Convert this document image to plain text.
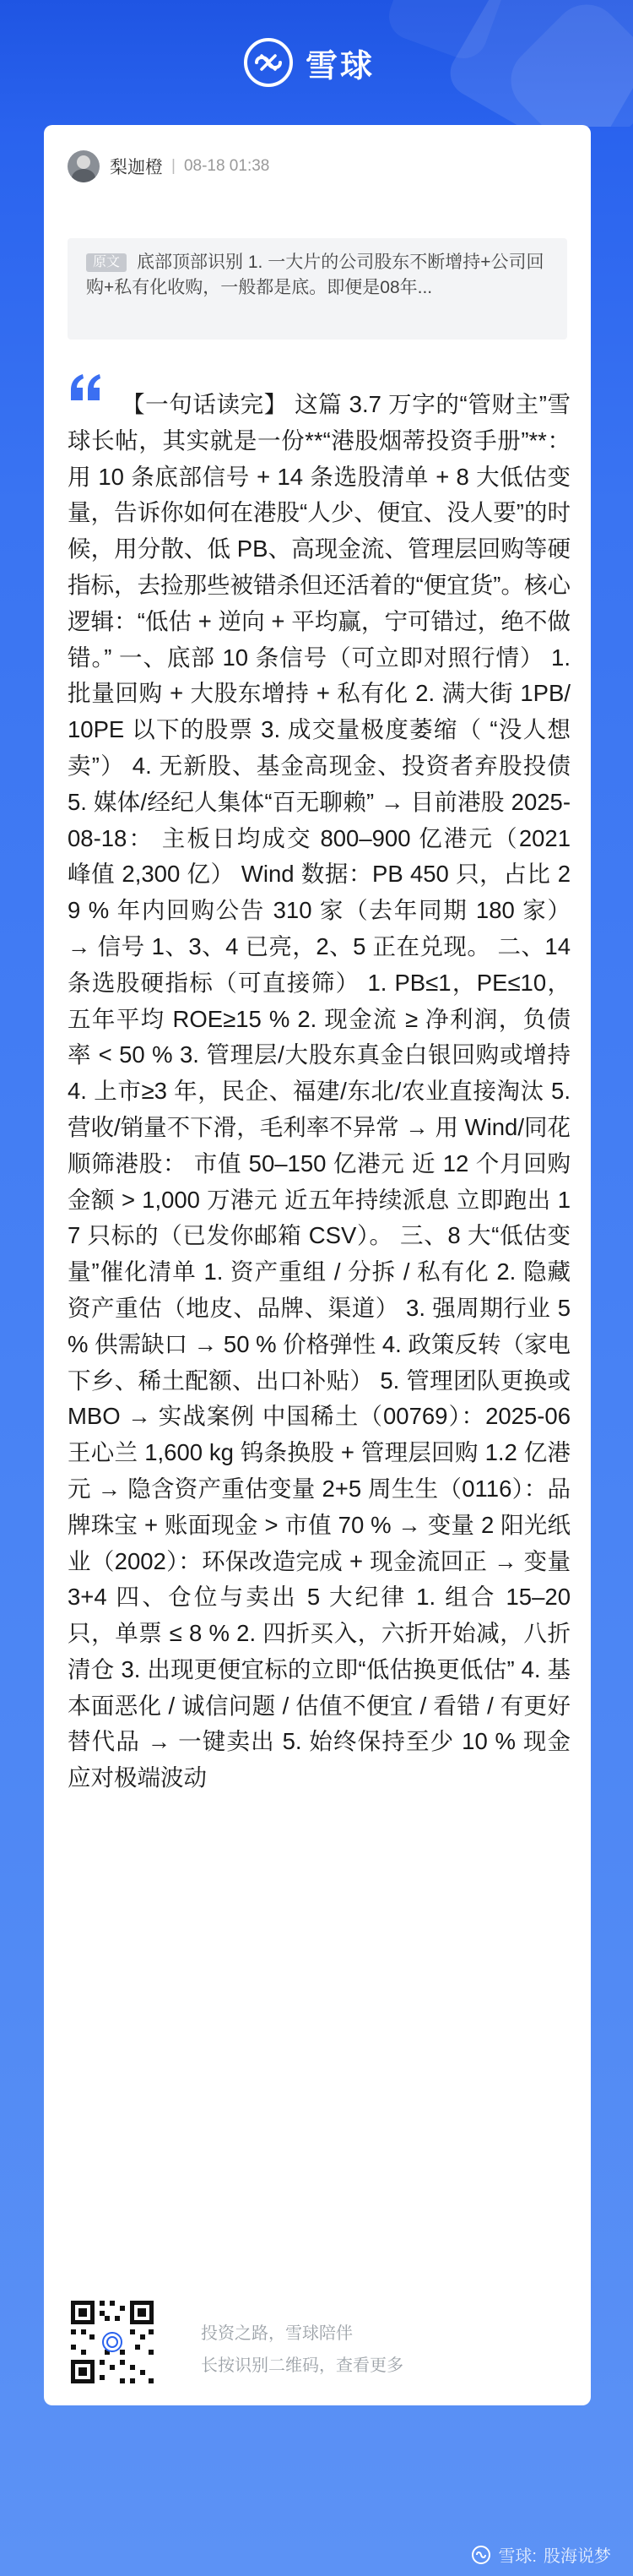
雪球
梨迦橙 | 08-18 01:38

原文 底部顶部识别 1. 一大片的公司股东不断增持+公司回购+私有化收购，一般都是底。即便是08年...

【一句话读完】 这篇 3.7 万字的“管财主”雪球长帖，其实就是一份**“港股烟蒂投资手册”**：用 10 条底部信号 + 14 条选股清单 + 8 大低估变量，告诉你如何在港股“人少、便宜、没人要”的时候，用分散、低 PB、高现金流、管理层回购等硬指标，去捡那些被错杀但还活着的“便宜货”。核心逻辑：“低估 + 逆向 + 平均赢，宁可错过，绝不做错。” 一、底部 10 条信号（可立即对照行情） 1. 批量回购 + 大股东增持 + 私有化 2. 满大街 1PB/ 10PE 以下的股票 3. 成交量极度萎缩（ “没人想卖”） 4. 无新股、基金高现金、投资者弃股投债 5. 媒体/经纪人集体“百无聊赖” → 目前港股 2025-08-18： 主板日均成交 800–900 亿港元（2021 峰值 2,300 亿） Wind 数据：PB 450 只，占比 29 % 年内回购公告 310 家（去年同期 180 家） → 信号 1、3、4 已亮，2、5 正在兑现。 二、14 条选股硬指标（可直接筛） 1. PB≤1，PE≤10，五年平均 ROE≥15 % 2. 现金流 ≥ 净利润，负债率 < 50 % 3. 管理层/大股东真金白银回购或增持 4. 上市≥3 年，民企、福建/东北/农业直接淘汰 5. 营收/销量不下滑，毛利率不异常 → 用 Wind/同花顺筛港股： 市值 50–150 亿港元 近 12 个月回购金额 > 1,000 万港元 近五年持续派息 立即跑出 17 只标的（已发你邮箱 CSV）。 三、8 大“低估变量”催化清单 1. 资产重组 / 分拆 / 私有化 2. 隐藏资产重估（地皮、品牌、渠道） 3. 强周期行业 5 % 供需缺口 → 50 % 价格弹性 4. 政策反转（家电下乡、稀土配额、出口补贴） 5. 管理团队更换或 MBO → 实战案例 中国稀土（00769）：2025-06 王心兰 1,600 kg 钨条换股 + 管理层回购 1.2 亿港元 → 隐含资产重估变量 2+5 周生生（0116）：品牌珠宝 + 账面现金 > 市值 70 % → 变量 2 阳光纸业（2002）：环保改造完成 + 现金流回正 → 变量 3+4 四、仓位与卖出 5 大纪律 1. 组合 15–20 只，单票 ≤ 8 % 2. 四折买入，六折开始减，八折清仓 3. 出现更便宜标的立即“低估换更低估” 4. 基本面恶化 / 诚信问题 / 估值不便宜 / 看错 / 有更好替代品 → 一键卖出 5. 始终保持至少 10 % 现金应对极端波动

投资之路，雪球陪伴
长按识别二维码，查看更多
雪球: 股海说梦
